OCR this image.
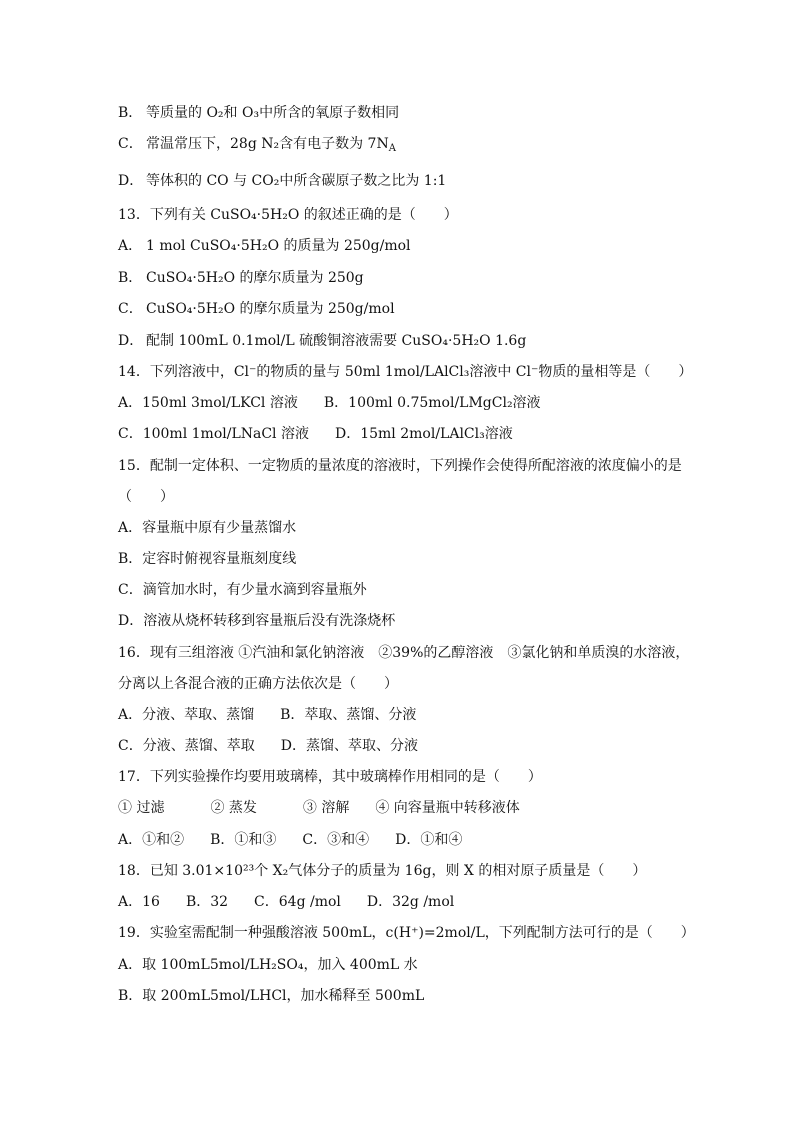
B． 等质量的 O₂和 O₃中所含的氧原子数相同
C． 常温常压下，28g N₂含有电子数为 $7N_A$
D． 等体积的 CO 与 CO₂中所含碳原子数之比为 1:1
13．下列有关 CuSO₄·5H₂O 的叙述正确的是（　　）
A． 1 mol CuSO₄·5H₂O 的质量为 250g/mol
B． CuSO₄·5H₂O 的摩尔质量为 250g
C． CuSO₄·5H₂O 的摩尔质量为 250g/mol
D． 配制 100mL 0.1mol/L 硫酸铜溶液需要 CuSO₄·5H₂O 1.6g
14．下列溶液中，Cl⁻的物质的量与 50ml 1mol/LAlCl₃溶液中 Cl⁻物质的量相等是（　　）
A．150ml 3mol/LKCl 溶液 B．100ml 0.75mol/LMgCl₂溶液
C．100ml 1mol/LNaCl 溶液 D．15ml 2mol/LAlCl₃溶液
15．配制一定体积、一定物质的量浓度的溶液时，下列操作会使得所配溶液的浓度偏小的是
（　　）
A．容量瓶中原有少量蒸馏水
B．定容时俯视容量瓶刻度线
C．滴管加水时，有少量水滴到容量瓶外
D．溶液从烧杯转移到容量瓶后没有洗涤烧杯
16．现有三组溶液 ①汽油和氯化钠溶液　②39%的乙醇溶液　③氯化钠和单质溴的水溶液，
分离以上各混合液的正确方法依次是（　　）
A．分液、萃取、蒸馏 B．萃取、蒸馏、分液
C．分液、蒸馏、萃取 D．蒸馏、萃取、分液
17．下列实验操作均要用玻璃棒，其中玻璃棒作用相同的是（　　）
① 过滤	② 蒸发	③ 溶解 ④ 向容量瓶中转移液体
A．①和② B．①和③ C．③和④ D．①和④
18．已知 3.01×10²³个 X₂气体分子的质量为 16g，则 X 的相对原子质量是（　　）
A．16 B．32 C．64g /mol D．32g /mol
19．实验室需配制一种强酸溶液 500mL，c(H⁺)=2mol/L，下列配制方法可行的是（　　）
A．取 100mL5mol/LH₂SO₄，加入 400mL 水
B．取 200mL5mol/LHCl，加水稀释至 500mL
